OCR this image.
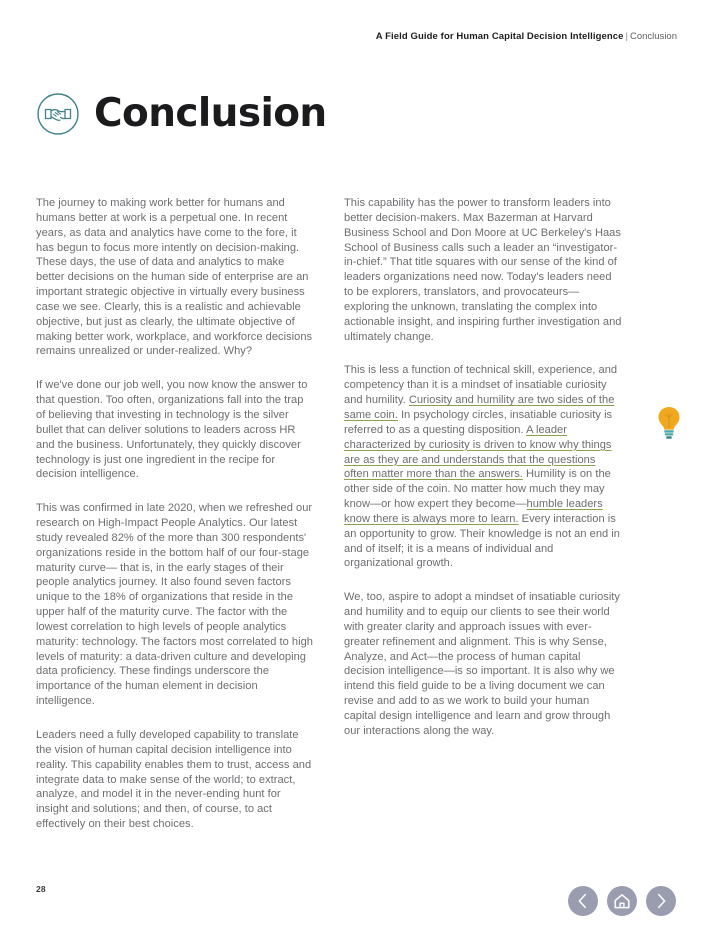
A Field Guide for Human Capital Decision Intelligence | Conclusion
Conclusion

The journey to making work better for humans and humans better at work is a perpetual one. In recent years, as data and analytics have come to the fore, it has begun to focus more intently on decision-making. These days, the use of data and analytics to make better decisions on the human side of enterprise are an important strategic objective in virtually every business case we see. Clearly, this is a realistic and achievable objective, but just as clearly, the ultimate objective of making better work, workplace, and workforce decisions remains unrealized or under-realized. Why?

If we've done our job well, you now know the answer to that question. Too often, organizations fall into the trap of believing that investing in technology is the silver bullet that can deliver solutions to leaders across HR and the business. Unfortunately, they quickly discover technology is just one ingredient in the recipe for decision intelligence.

This was confirmed in late 2020, when we refreshed our research on High-Impact People Analytics. Our latest study revealed 82% of the more than 300 respondents' organizations reside in the bottom half of our four-stage maturity curve— that is, in the early stages of their people analytics journey. It also found seven factors unique to the 18% of organizations that reside in the upper half of the maturity curve. The factor with the lowest correlation to high levels of people analytics maturity: technology. The factors most correlated to high levels of maturity: a data-driven culture and developing data proficiency. These findings underscore the importance of the human element in decision intelligence.

Leaders need a fully developed capability to translate the vision of human capital decision intelligence into reality. This capability enables them to trust, access and integrate data to make sense of the world; to extract, analyze, and model it in the never-ending hunt for insight and solutions; and then, of course, to act effectively on their best choices.

This capability has the power to transform leaders into better decision-makers. Max Bazerman at Harvard Business School and Don Moore at UC Berkeley's Haas School of Business calls such a leader an “investigator-in-chief.” That title squares with our sense of the kind of leaders organizations need now. Today's leaders need to be explorers, translators, and provocateurs—exploring the unknown, translating the complex into actionable insight, and inspiring further investigation and ultimately change.

This is less a function of technical skill, experience, and competency than it is a mindset of insatiable curiosity and humility. Curiosity and humility are two sides of the same coin. In psychology circles, insatiable curiosity is referred to as a questing disposition. A leader characterized by curiosity is driven to know why things are as they are and understands that the questions often matter more than the answers. Humility is on the other side of the coin. No matter how much they may know—or how expert they become—humble leaders know there is always more to learn. Every interaction is an opportunity to grow. Their knowledge is not an end in and of itself; it is a means of individual and organizational growth.

We, too, aspire to adopt a mindset of insatiable curiosity and humility and to equip our clients to see their world with greater clarity and approach issues with ever-greater refinement and alignment. This is why Sense, Analyze, and Act—the process of human capital decision intelligence—is so important. It is also why we intend this field guide to be a living document we can revise and add to as we work to build your human capital design intelligence and learn and grow through our interactions along the way.

28
